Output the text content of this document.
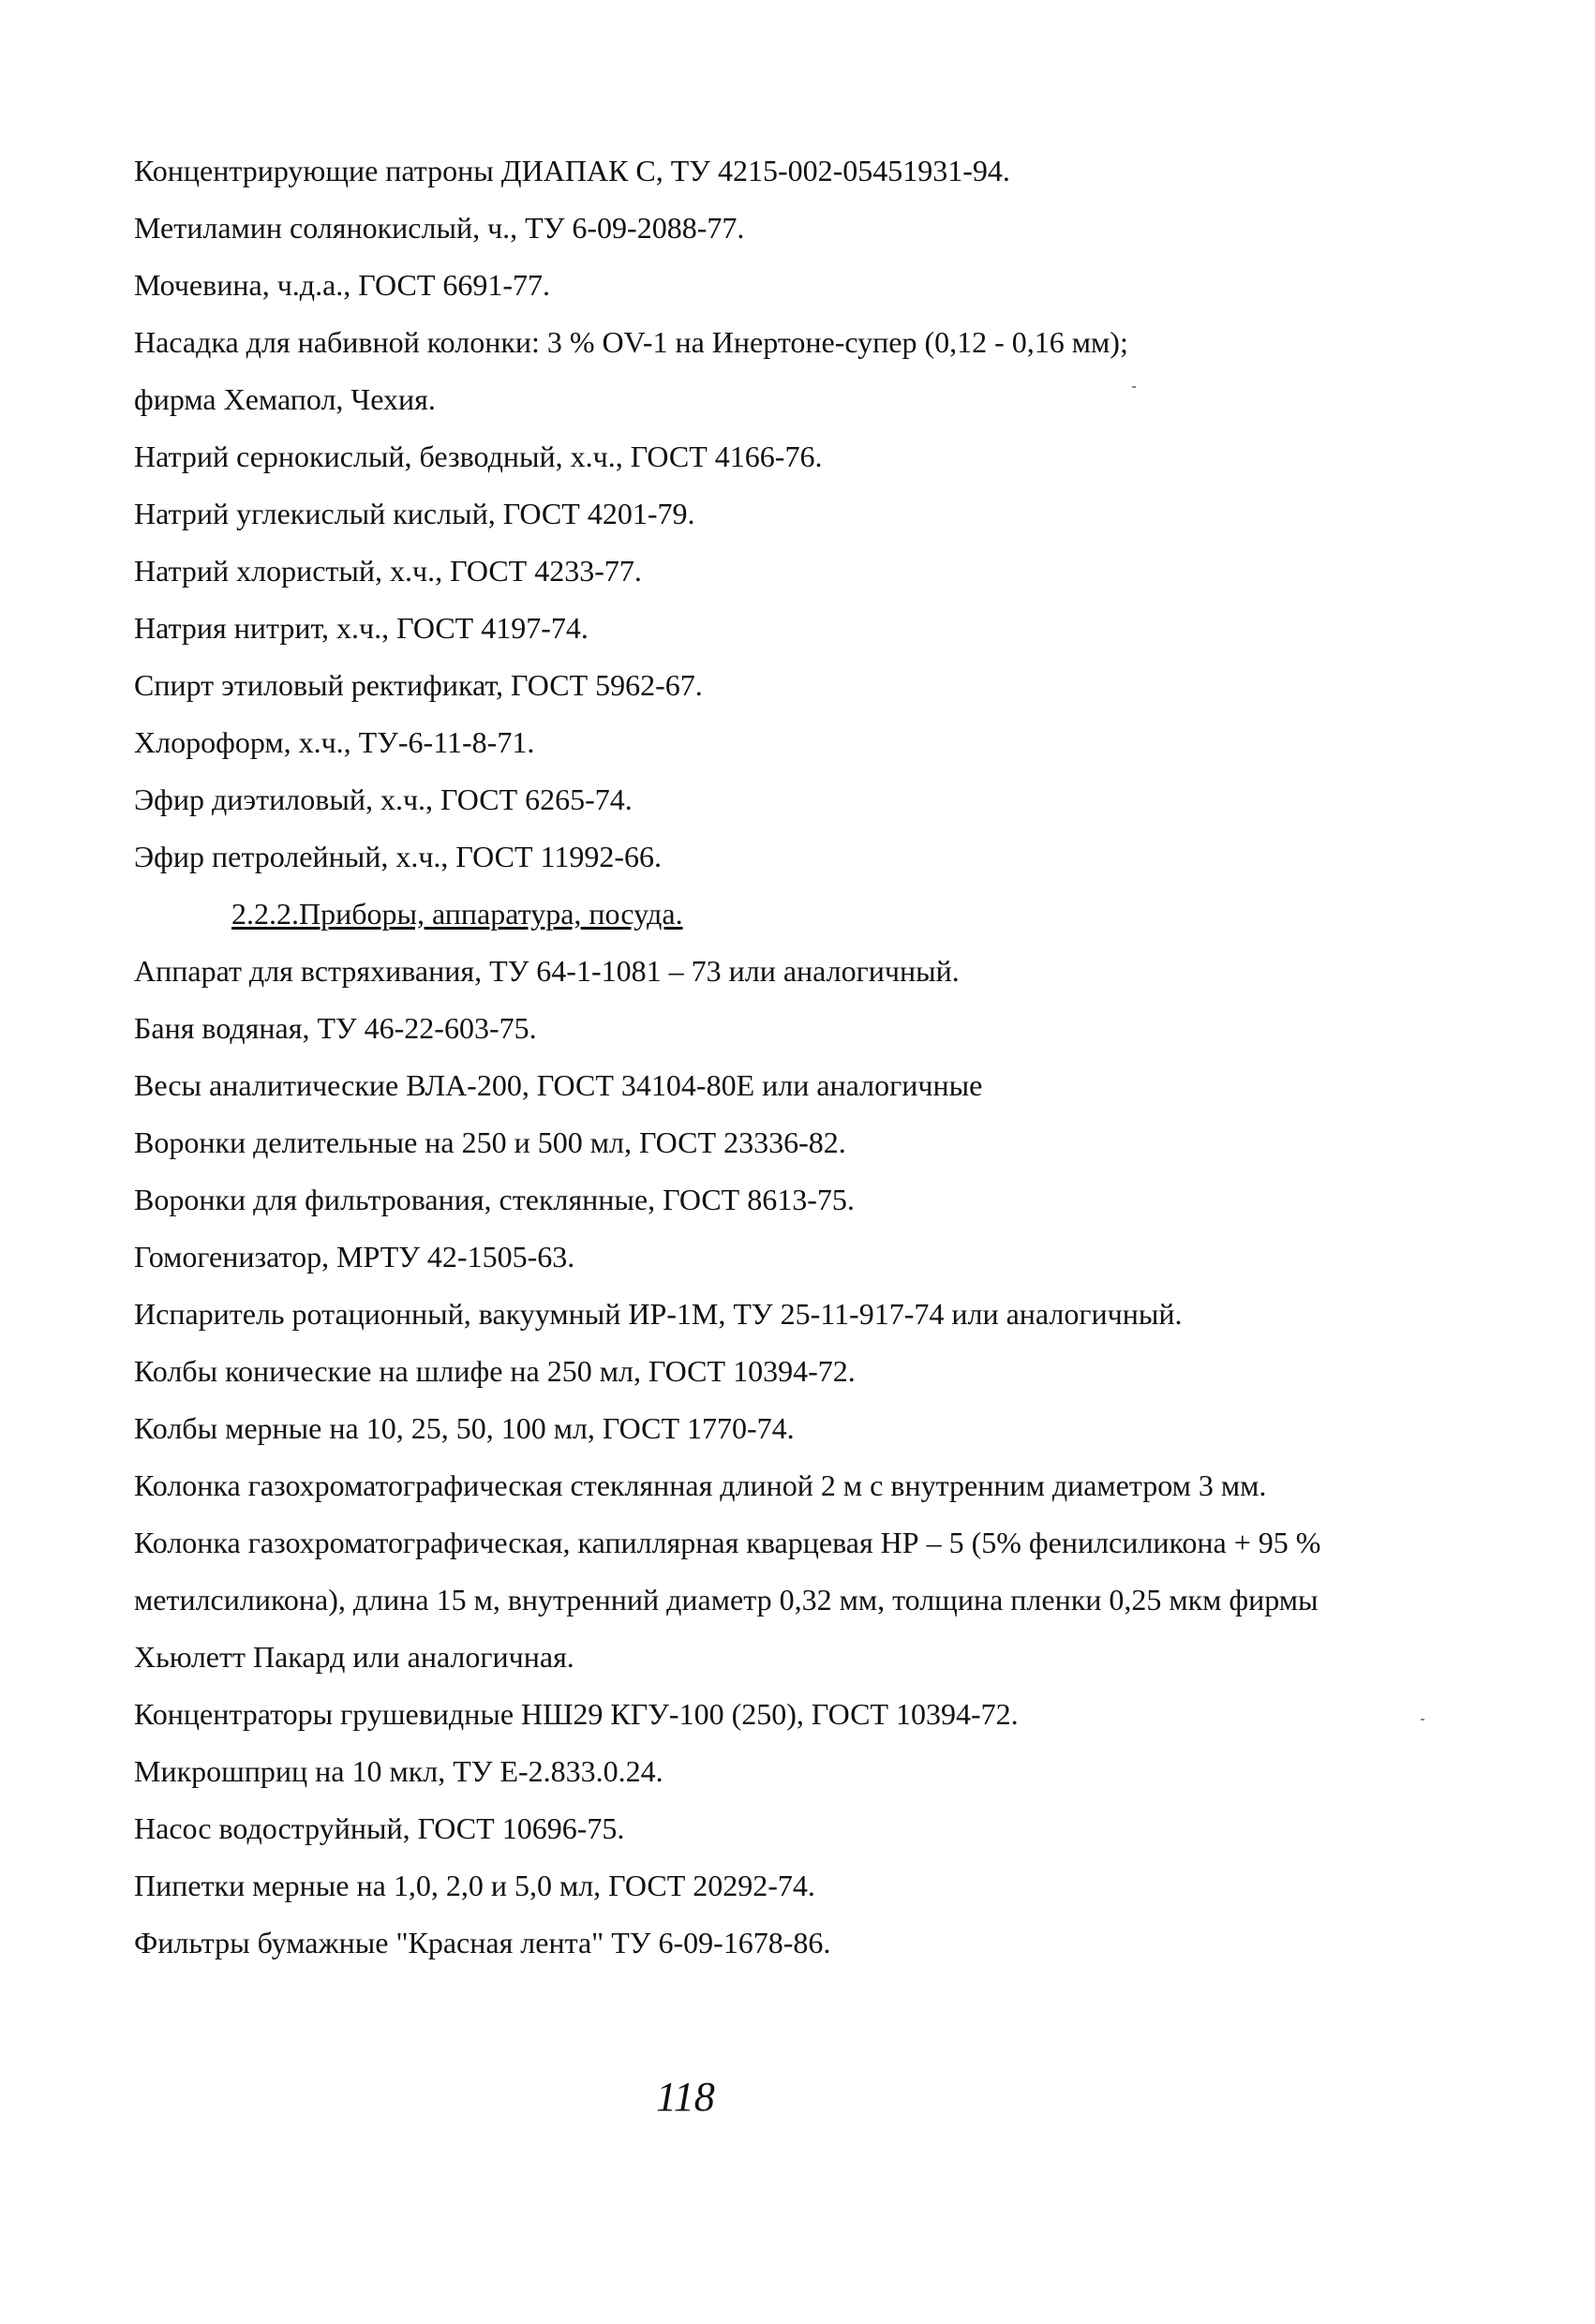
Концентрирующие патроны ДИАПАК С, ТУ 4215-002-05451931-94.
Метиламин солянокислый, ч., ТУ 6-09-2088-77.
Мочевина, ч.д.а., ГОСТ 6691-77.
Насадка для набивной колонки: 3 % OV-1 на Инертоне-супер (0,12 - 0,16 мм);
фирма Хемапол, Чехия.
Натрий сернокислый, безводный, х.ч., ГОСТ 4166-76.
Натрий углекислый кислый, ГОСТ 4201-79.
Натрий хлористый, х.ч., ГОСТ 4233-77.
Натрия нитрит, х.ч., ГОСТ 4197-74.
Спирт этиловый ректификат, ГОСТ 5962-67.
Хлороформ, х.ч., ТУ-6-11-8-71.
Эфир диэтиловый, х.ч., ГОСТ 6265-74.
Эфир петролейный, х.ч., ГОСТ 11992-66.
2.2.2.Приборы, аппаратура, посуда.
Аппарат для встряхивания, ТУ 64-1-1081 – 73 или аналогичный.
Баня водяная, ТУ 46-22-603-75.
Весы аналитические ВЛА-200, ГОСТ 34104-80Е или аналогичные
Воронки делительные на 250 и 500 мл, ГОСТ 23336-82.
Воронки для фильтрования, стеклянные, ГОСТ 8613-75.
Гомогенизатор, МРТУ 42-1505-63.
Испаритель ротационный, вакуумный ИР-1М, ТУ 25-11-917-74 или аналогичный.
Колбы конические на шлифе на 250 мл, ГОСТ 10394-72.
Колбы мерные на 10, 25, 50, 100 мл, ГОСТ 1770-74.
Колонка газохроматографическая стеклянная длиной 2 м с внутренним диаметром 3 мм.
Колонка газохроматографическая, капиллярная кварцевая НР – 5 (5% фенилсиликона + 95 %
метилсиликона), длина 15 м, внутренний диаметр 0,32 мм, толщина пленки 0,25 мкм фирмы
Хьюлетт Пакард или аналогичная.
Концентраторы грушевидные НШ29 КГУ-100 (250), ГОСТ 10394-72.
Микрошприц на 10 мкл, ТУ Е-2.833.0.24.
Насос водоструйный, ГОСТ 10696-75.
Пипетки мерные на 1,0, 2,0 и 5,0 мл, ГОСТ 20292-74.
Фильтры бумажные "Красная лента" ТУ 6-09-1678-86.
118
